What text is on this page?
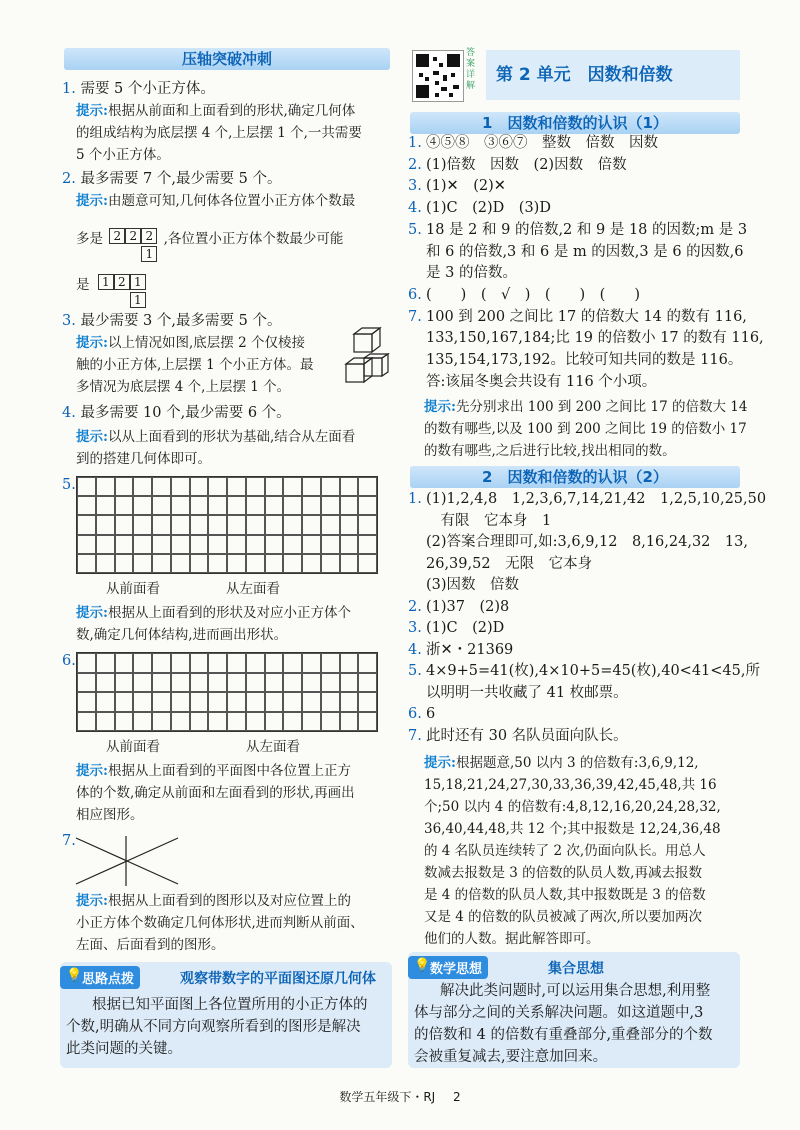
压轴突破冲刺
1. 需要 5 个小正方体。
提示:根据从前面和上面看到的形状,确定几何体
的组成结构为底层摆 4 个,上层摆 1 个,一共需要
5 个小正方体。
2. 最多需要 7 个,最少需要 5 个。
提示:由题意可知,几何体各位置小正方体个数最
多是 2 2 2
1
,各位置小正方体个数最少可能
是	1 2 1
1
3. 最少需要 3 个,最多需要 5 个。
提示:以上情况如图,底层摆 2 个仅棱接
触的小正方体,上层摆 1 个小正方体。最
多情况为底层摆 4 个,上层摆 1 个。
4. 最多需要 10 个,最少需要 6 个。
提示:以从上面看到的形状为基础,结合从左面看
到的搭建几何体即可。
5.
从前面看	从左面看
提示:根据从上面看到的形状及对应小正方体个
数,确定几何体结构,进而画出形状。
6.
从前面看	从左面看
提示:根据从上面看到的平面图中各位置上正方
体的个数,确定从前面和左面看到的形状,再画出
相应图形。
7.
提示:根据从上面看到的图形以及对应位置上的
小正方体个数确定几何体形状,进而判断从前面、
左面、后面看到的图形。
💡 思路点拨	观察带数字的平面图还原几何体
根据已知平面图上各位置所用的小正方体的
个数,明确从不同方向观察所看到的图形是解决
此类问题的关键。
答案详解
第 2 单元　因数和倍数
1　因数和倍数的认识（1）
1. ④⑤⑧　③⑥⑦　整数　倍数　因数
2. (1)倍数　因数　(2)因数　倍数
3. (1)✕　(2)✕
4. (1)C　(2)D　(3)D
5. 18 是 2 和 9 的倍数,2 和 9 是 18 的因数;m 是 3
和 6 的倍数,3 和 6 是 m 的因数,3 是 6 的因数,6
是 3 的倍数。
6. (　　)　(　√　)　(　　)　(　　)
7. 100 到 200 之间比 17 的倍数大 14 的数有 116,
133,150,167,184;比 19 的倍数小 17 的数有 116,
135,154,173,192。比较可知共同的数是 116。
答:该届冬奥会共设有 116 个小项。
提示:先分别求出 100 到 200 之间比 17 的倍数大 14
的数有哪些,以及 100 到 200 之间比 19 的倍数小 17
的数有哪些,之后进行比较,找出相同的数。
2　因数和倍数的认识（2）
1. (1)1,2,4,8　1,2,3,6,7,14,21,42　1,2,5,10,25,50
　有限　它本身　1
(2)答案合理即可,如:3,6,9,12　8,16,24,32　13,
26,39,52　无限　它本身
(3)因数　倍数
2. (1)37　(2)8
3. (1)C　(2)D
4. 浙✕・21369
5. 4×9+5=41(枚),4×10+5=45(枚),40<41<45,所
以明明一共收藏了 41 枚邮票。
6. 6
7. 此时还有 30 名队员面向队长。
提示:根据题意,50 以内 3 的倍数有:3,6,9,12,
15,18,21,24,27,30,33,36,39,42,45,48,共 16
个;50 以内 4 的倍数有:4,8,12,16,20,24,28,32,
36,40,44,48,共 12 个;其中报数是 12,24,36,48
的 4 名队员连续转了 2 次,仍面向队长。用总人
数减去报数是 3 的倍数的队员人数,再减去报数
是 4 的倍数的队员人数,其中报数既是 3 的倍数
又是 4 的倍数的队员被减了两次,所以要加两次
他们的人数。据此解答即可。
💡 数学思想	集合思想
解决此类问题时,可以运用集合思想,利用整
体与部分之间的关系解决问题。如这道题中,3
的倍数和 4 的倍数有重叠部分,重叠部分的个数
会被重复减去,要注意加回来。
数学五年级下・RJ 2
